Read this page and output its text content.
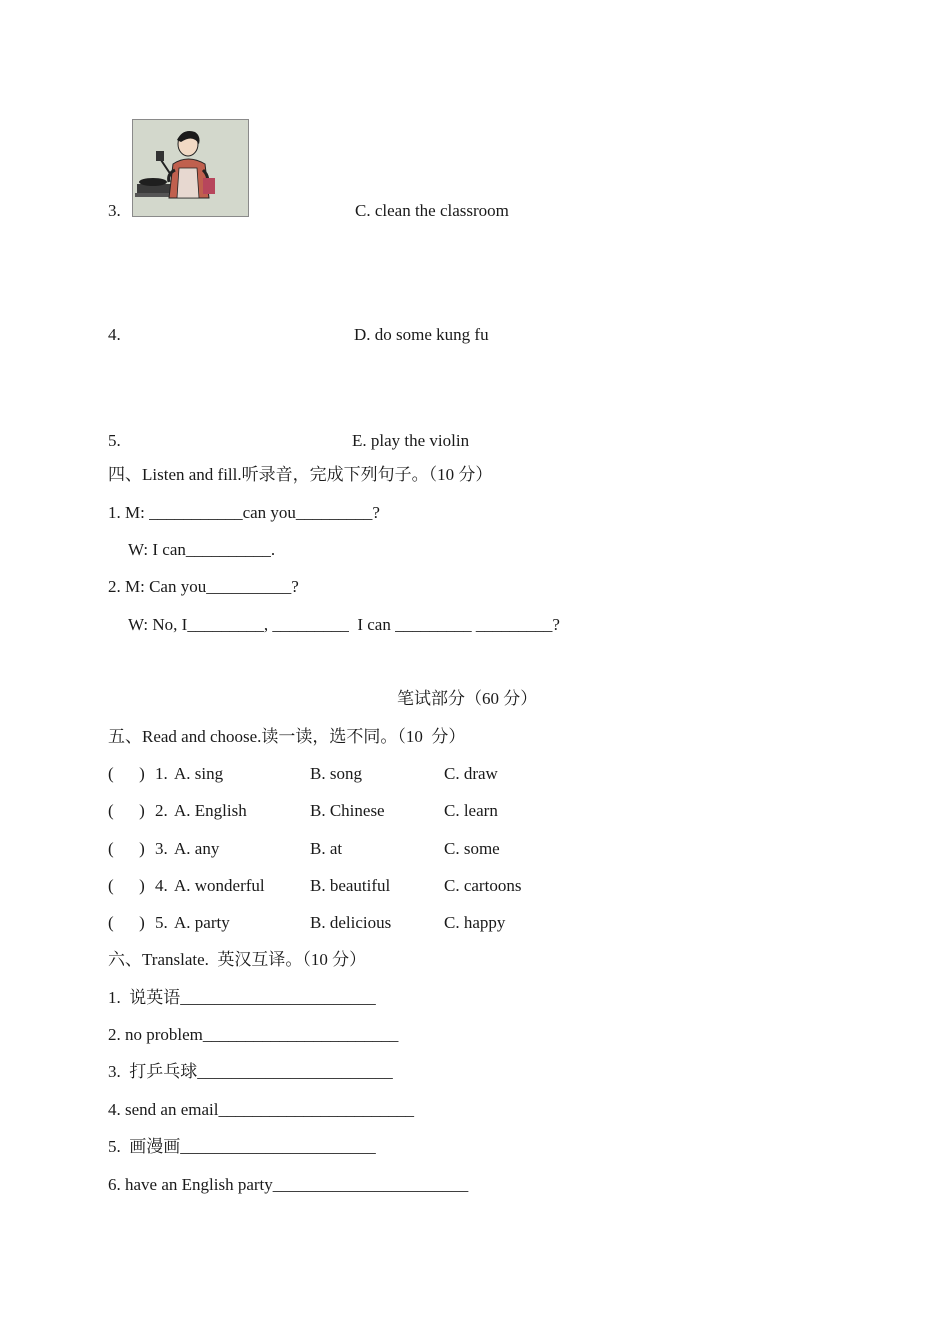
3.	C. clean the classroom
4.	D. do some kung fu
5.	E. play the violin
四、Listen and fill.听录音，完成下列句子。（10 分）
1. M: ___________can you_________?
W: I can__________.
2. M: Can you__________?
W: No, I_________, _________  I can _________ _________?
笔试部分（60 分）
五、Read and choose.读一读，选不同。（10  分）
(      ) 1. A. sing	B. song	C. draw
(      ) 2. A. English	B. Chinese	C. learn
(      ) 3. A. any	B. at	C. some
(      ) 4. A. wonderful	B. beautiful	C. cartoons
(      ) 5. A. party	B. delicious	C. happy
六、Translate.  英汉互译。（10 分）
1.  说英语_______________________
2. no problem_______________________
3.  打乒乓球_______________________
4. send an email_______________________
5.  画漫画_______________________
6. have an English party_______________________
